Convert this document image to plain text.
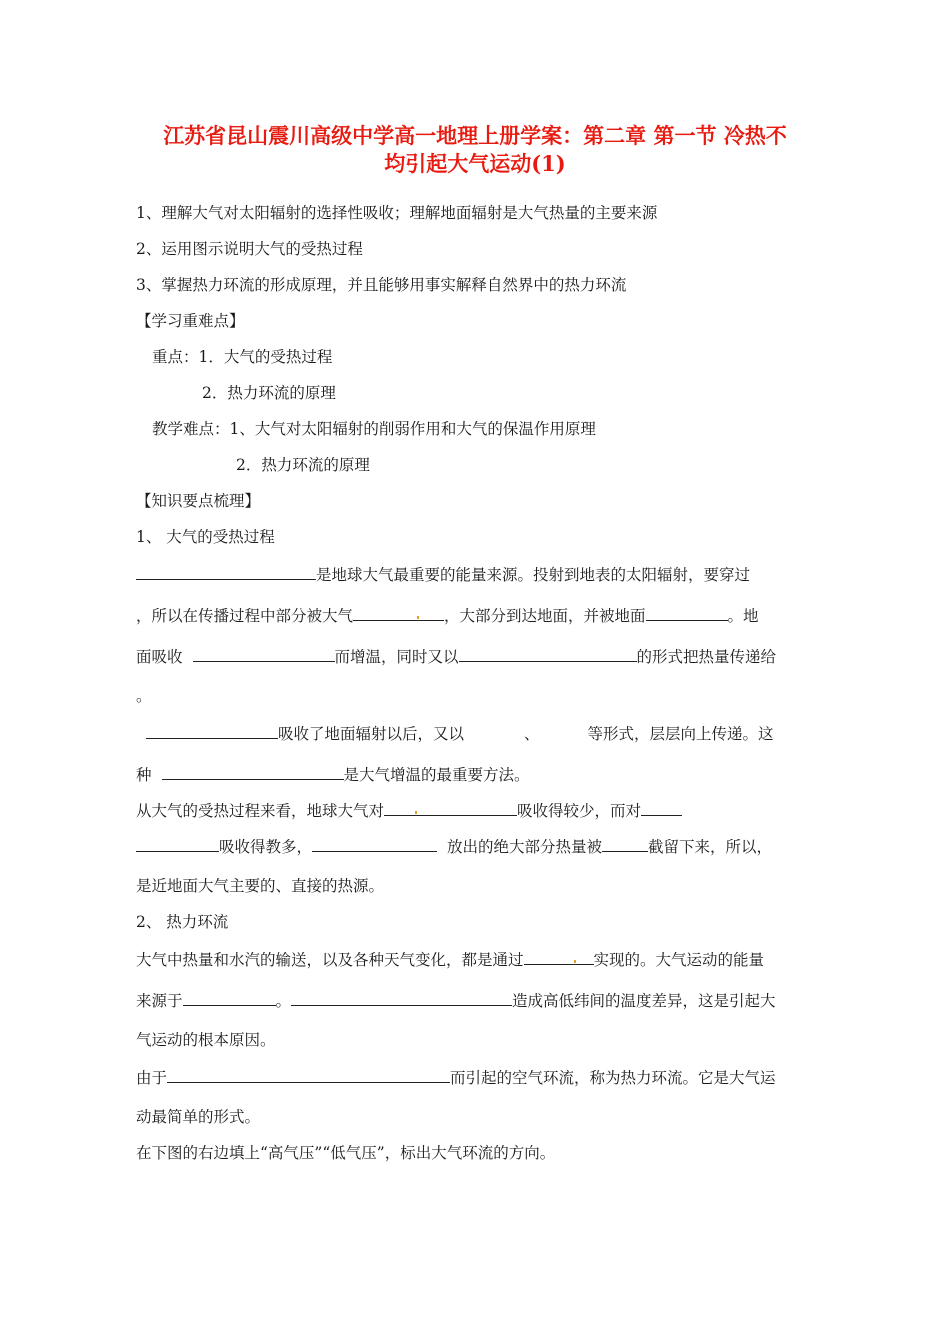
江苏省昆山震川高级中学高一地理上册学案：第二章 第一节 冷热不
均引起大气运动(1)
1、理解大气对太阳辐射的选择性吸收；理解地面辐射是大气热量的主要来源
2、运用图示说明大气的受热过程
3、掌握热力环流的形成原理，并且能够用事实解释自然界中的热力环流
【学习重难点】
重点：1．大气的受热过程
2．热力环流的原理
教学难点：1、大气对太阳辐射的削弱作用和大气的保温作用原理
2．热力环流的原理
【知识要点梳理】
1、 大气的受热过程
是地球大气最重要的能量来源。投射到地表的太阳辐射，要穿过
，所以在传播过程中部分被大气	，大部分到达地面，并被地面	。地
面吸收	而增温，同时又以	的形式把热量传递给
。
吸收了地面辐射以后，又以	、	等形式，层层向上传递。这
种	是大气增温的最重要方法。
从大气的受热过程来看，地球大气对	吸收得较少，而对
吸收得教多，	放出的绝大部分热量被	截留下来，所以，
是近地面大气主要的、直接的热源。
2、 热力环流
大气中热量和水汽的输送，以及各种天气变化，都是通过	实现的。大气运动的能量
来源于	。	造成高低纬间的温度差异，这是引起大
气运动的根本原因。
由于	而引起的空气环流，称为热力环流。它是大气运
动最简单的形式。
在下图的右边填上“高气压”“低气压”，标出大气环流的方向。
